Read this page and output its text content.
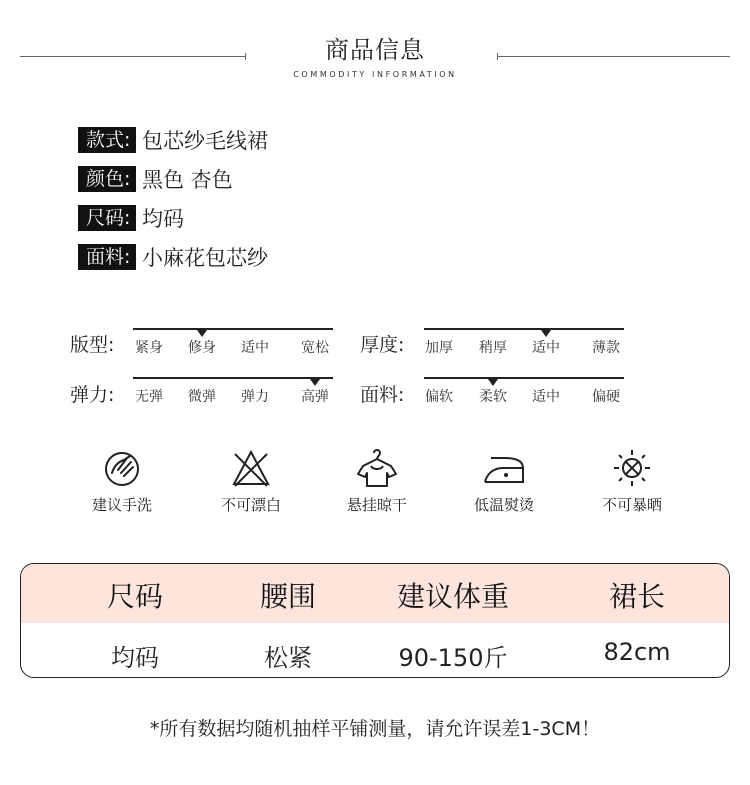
商品信息
COMMODITY INFORMATION
款式: 包芯纱毛线裙
颜色: 黑色 杏色
尺码: 均码
面料: 小麻花包芯纱
版型: 紧身 修身 适中 宽松 厚度: 加厚 稍厚 适中 薄款
弹力: 无弹 微弹 弹力 高弹 面料: 偏软 柔软 适中 偏硬
建议手洗	不可漂白	悬挂晾干	低温熨烫	不可暴晒
尺码	腰围	建议体重	裙长
均码	松紧	90-150斤	82cm
*所有数据均随机抽样平铺测量，请允许误差1-3CM！
